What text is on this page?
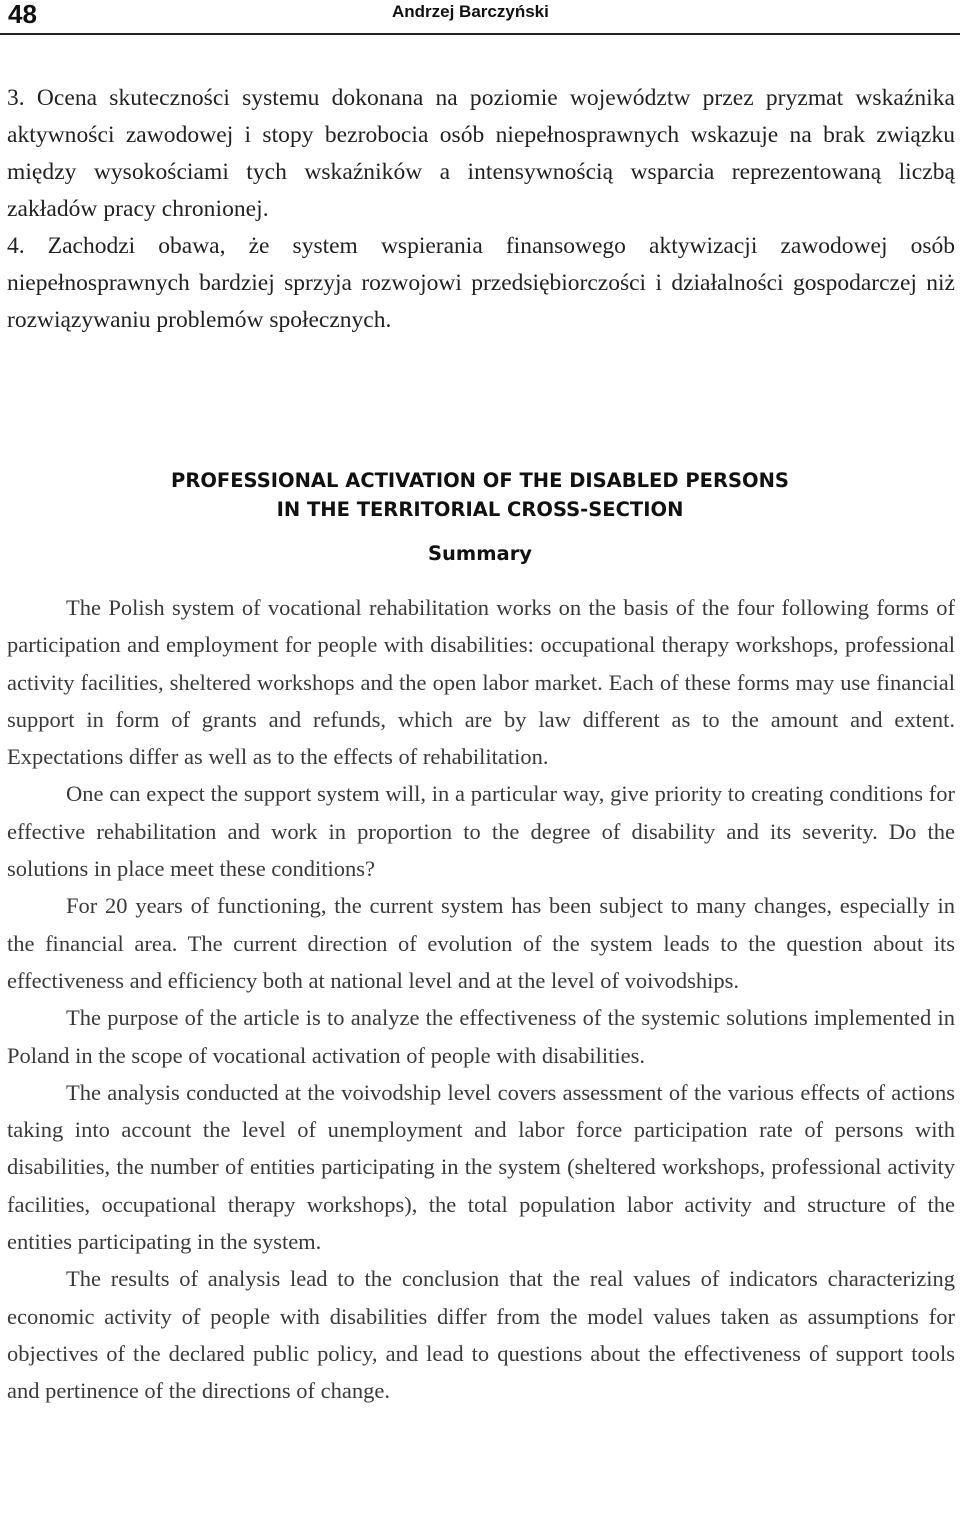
48	Andrzej Barczyński

3. Ocena skuteczności systemu dokonana na poziomie województw przez pryzmat wskaźnika aktywności zawodowej i stopy bezrobocia osób niepełnosprawnych wskazuje na brak związku między wysokościami tych wskaźników a intensywnością wsparcia reprezentowaną liczbą zakładów pracy chronionej.

4. Zachodzi obawa, że system wspierania finansowego aktywizacji zawodowej osób niepełnosprawnych bardziej sprzyja rozwojowi przedsiębiorczości i działalności gospodarczej niż rozwiązywaniu problemów społecznych.

PROFESSIONAL ACTIVATION OF THE DISABLED PERSONS
IN THE TERRITORIAL CROSS-SECTION
Summary

The Polish system of vocational rehabilitation works on the basis of the four following forms of participation and employment for people with disabilities: occupational therapy workshops, professional activity facilities, sheltered workshops and the open labor market. Each of these forms may use financial support in form of grants and refunds, which are by law different as to the amount and extent. Expectations differ as well as to the effects of rehabilitation.

One can expect the support system will, in a particular way, give priority to creating conditions for effective rehabilitation and work in proportion to the degree of disability and its severity. Do the solutions in place meet these conditions?

For 20 years of functioning, the current system has been subject to many changes, especially in the financial area. The current direction of evolution of the system leads to the question about its effectiveness and efficiency both at national level and at the level of voivodships.

The purpose of the article is to analyze the effectiveness of the systemic solutions implemented in Poland in the scope of vocational activation of people with disabilities.

The analysis conducted at the voivodship level covers assessment of the various effects of actions taking into account the level of unemployment and labor force participation rate of persons with disabilities, the number of entities participating in the system (sheltered workshops, professional activity facilities, occupational therapy workshops), the total population labor activity and structure of the entities participating in the system.

The results of analysis lead to the conclusion that the real values of indicators characterizing economic activity of people with disabilities differ from the model values taken as assumptions for objectives of the declared public policy, and lead to questions about the effectiveness of support tools and pertinence of the directions of change.
